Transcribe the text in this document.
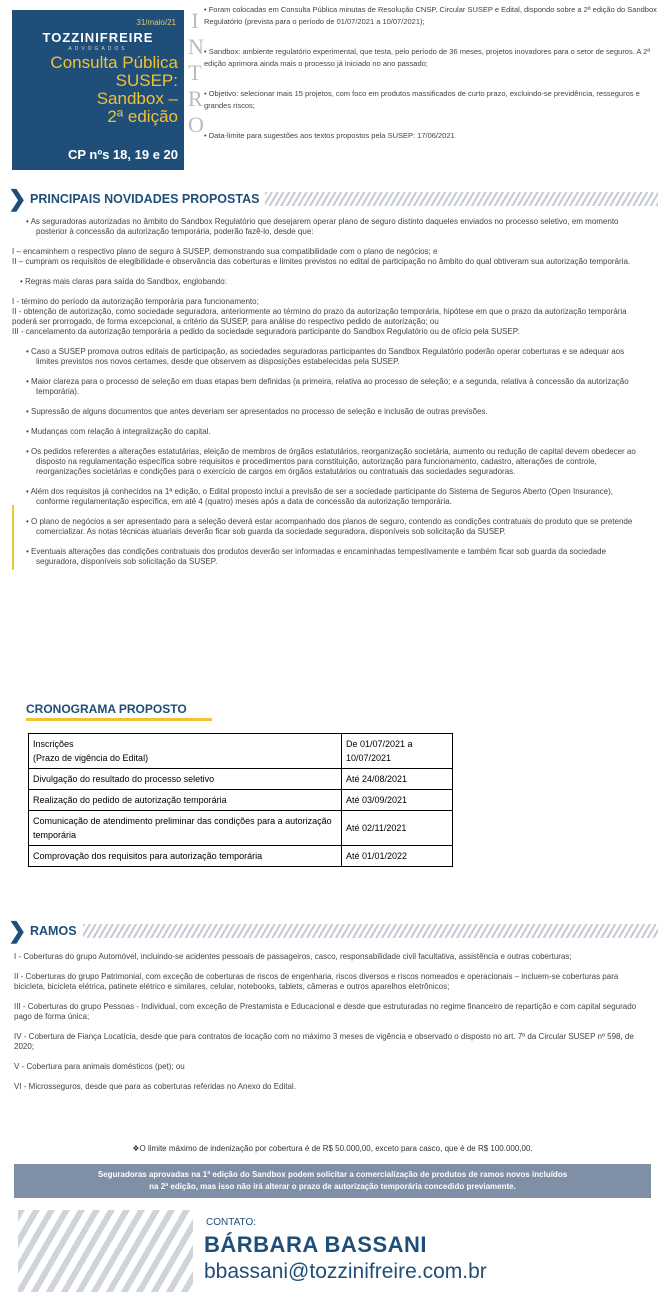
31/maio/21
TOZZINIFREIRE
ADVOGADOS
Consulta Pública
SUSEP:
Sandbox –
2ª edição
CP nºs 18, 19 e 20
I
N
T
R
O
• Foram colocadas em Consulta Pública minutas de Resolução CNSP, Circular SUSEP e Edital, dispondo sobre a 2ª edição do Sandbox Regulatório (prevista para o período de 01/07/2021 a 10/07/2021);
• Sandbox: ambiente regulatório experimental, que testa, pelo período de 36 meses, projetos inovadores para o setor de seguros. A 2ª edição aprimora ainda mais o processo já iniciado no ano passado;
• Objetivo: selecionar mais 15 projetos, com foco em produtos massificados de curto prazo, excluindo-se previdência, resseguros e grandes riscos;
• Data-limite para sugestões aos textos propostos pela SUSEP: 17/06/2021
❯ PRINCIPAIS NOVIDADES PROPOSTAS

• As seguradoras autorizadas no âmbito do Sandbox Regulatório que desejarem operar plano de seguro distinto daqueles enviados no processo seletivo, em momento posterior à concessão da autorização temporária, poderão fazê-lo, desde que:

I – encaminhem o respectivo plano de seguro à SUSEP, demonstrando sua compatibilidade com o plano de negócios; e
II – cumpram os requisitos de elegibilidade e observância das coberturas e limites previstos no edital de participação no âmbito do qual obtiveram sua autorização temporária.

• Regras mais claras para saída do Sandbox, englobando:

I - término do período da autorização temporária para funcionamento;
II - obtenção de autorização, como sociedade seguradora, anteriormente ao término do prazo da autorização temporária, hipótese em que o prazo da autorização temporária poderá ser prorrogado, de forma excepcional, a critério da SUSEP, para análise do respectivo pedido de autorização; ou
III - cancelamento da autorização temporária a pedido da sociedade seguradora participante do Sandbox Regulatório ou de ofício pela SUSEP.

• Caso a SUSEP promova outros editais de participação, as sociedades seguradoras participantes do Sandbox Regulatório poderão operar coberturas e se adequar aos limites previstos nos novos certames, desde que observem as disposições estabelecidas pela SUSEP.

• Maior clareza para o processo de seleção em duas etapas bem definidas (a primeira, relativa ao processo de seleção; e a segunda, relativa à concessão da autorização temporária).

• Supressão de alguns documentos que antes deveriam ser apresentados no processo de seleção e inclusão de outras previsões.

• Mudanças com relação à integralização do capital.

• Os pedidos referentes a alterações estatutárias, eleição de membros de órgãos estatutários, reorganização societária, aumento ou redução de capital devem obedecer ao disposto na regulamentação específica sobre requisitos e procedimentos para constituição, autorização para funcionamento, cadastro, alterações de controle, reorganizações societárias e condições para o exercício de cargos em órgãos estatutários ou contratuais das sociedades seguradoras.

• Além dos requisitos já conhecidos na 1ª edição, o Edital proposto inclui a previsão de ser a sociedade participante do Sistema de Seguros Aberto (Open Insurance), conforme regulamentação específica, em até 4 (quatro) meses após a data de concessão da autorização temporária.

• O plano de negócios a ser apresentado para a seleção deverá estar acompanhado dos planos de seguro, contendo as condições contratuais do produto que se pretende comercializar. As notas técnicas atuariais deverão ficar sob guarda da sociedade seguradora, disponíveis sob solicitação da SUSEP.

• Eventuais alterações das condições contratuais dos produtos deverão ser informadas e encaminhadas tempestivamente e também ficar sob guarda da sociedade seguradora, disponíveis sob solicitação da SUSEP.

CRONOGRAMA PROPOSTO
Inscrições
(Prazo de vigência do Edital)	De 01/07/2021 a
10/07/2021
Divulgação do resultado do processo seletivo	Até 24/08/2021
Realização do pedido de autorização temporária	Até 03/09/2021
Comunicação de atendimento preliminar das condições para a autorização temporária	Até 02/11/2021
Comprovação dos requisitos para autorização temporária	Até 01/01/2022
❯ RAMOS

I - Coberturas do grupo Automóvel, incluindo-se acidentes pessoais de passageiros, casco, responsabilidade civil facultativa, assistência e outras coberturas;

II - Coberturas do grupo Patrimonial, com exceção de coberturas de riscos de engenharia, riscos diversos e riscos nomeados e operacionais – incluem-se coberturas para bicicleta, bicicleta elétrica, patinete elétrico e similares, celular, notebooks, tablets, câmeras e outros aparelhos eletrônicos;

III - Coberturas do grupo Pessoas - Individual, com exceção de Prestamista e Educacional e desde que estruturadas no regime financeiro de repartição e com capital segurado pago de forma única;

IV - Cobertura de Fiança Locatícia, desde que para contratos de locação com no máximo 3 meses de vigência e observado o disposto no art. 7º da Circular SUSEP nº 598, de 2020;

V - Cobertura para animais domésticos (pet); ou

VI - Microsseguros, desde que para as coberturas referidas no Anexo do Edital.

❖O limite máximo de indenização por cobertura é de R$ 50.000,00, exceto para casco, que é de R$ 100.000,00.
Seguradoras aprovadas na 1ª edição do Sandbox podem solicitar a comercialização de produtos de ramos novos incluídos
na 2ª edição, mas isso não irá alterar o prazo de autorização temporária concedido previamente.
CONTATO:
BÁRBARA BASSANI
bbassani@tozzinifreire.com.br
